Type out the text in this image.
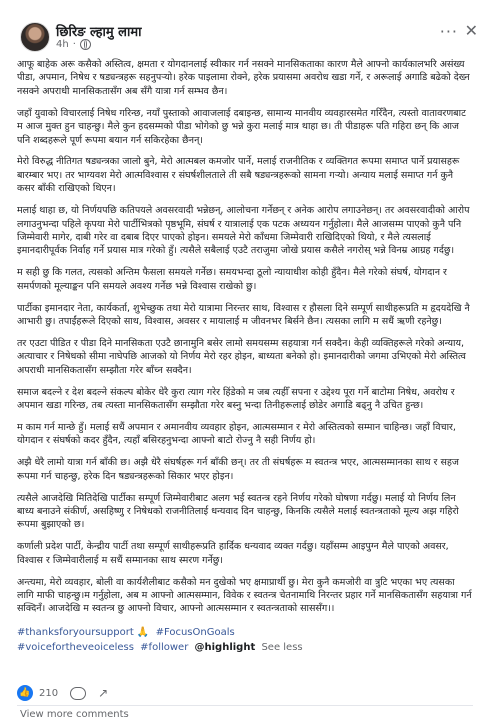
छिरिङ ल्हामु लामा
4h ·
··· ✕

आफू बाहेक अरू कसैको अस्तित्व, क्षमता र योगदानलाई स्वीकार गर्न नसक्ने मानसिकताका कारण मैले आफ्नो कार्यकालभरि असंख्य पीडा, अपमान, निषेध र षड्यन्त्रहरू सहनुपर्‍यो। हरेक पाइलामा रोक्ने, हरेक प्रयासमा अवरोध खडा गर्ने, र अरूलाई अगाडि बढेको देख्न नसक्ने अपराधी मानसिकतासँग अब सँगै यात्रा गर्न सम्भव छैन।

जहाँ युवाको विचारलाई निषेध गरिन्छ, नयाँ पुस्ताको आवाजलाई दबाइन्छ, सामान्य मानवीय व्यवहारसमेत गरिँदैन, त्यस्तो वातावरणबाट म आज मुक्त हुन चाहन्छु। मैले कुन हदसम्मको पीडा भोगेको छु भन्ने कुरा मलाई मात्र थाहा छ। ती पीडाहरू पति गहिरा छन् कि आज पनि शब्दहरूले पूर्ण रूपमा बयान गर्न सकिरहेका छैनन्।

मेरो विरुद्ध नीतिगत षड्यन्त्रका जालो बुने, मेरो आत्मबल कमजोर पार्ने, मलाई राजनीतिक र व्यक्तिगत रूपमा समाप्त पार्ने प्रयासहरू बारम्बार भए। तर भाग्यवश मेरो आत्मविश्वास र संघर्षशीलताले ती सबै षड्यन्त्रहरूको सामना गर्‍यो। अन्याय मलाई समाप्त गर्न कुनै कसर बाँकी राखिएको थिएन।

मलाई थाहा छ, यो निर्णयपछि कतिपयले अवसरवादी भन्नेछन्, आलोचना गर्नेछन् र अनेक आरोप लगाउनेछन्। तर अवसरवादीको आरोप लगाउनुभन्दा पहिले कृपया मेरो पार्टीभित्रको पृष्ठभूमि, संघर्ष र यात्रालाई एक पटक अध्ययन गर्नुहोला। मैले आजसम्म पाएको कुनै पनि जिम्मेवारी मागेर, दाबी गरेर वा दबाब दिएर पाएको होइन। समयले मेरो काँधमा जिम्मेवारी राखिदिएको थियो, र मैले त्यसलाई इमानदारीपूर्वक निर्वाह गर्ने प्रयास मात्र गरेको हुँ। त्यसैले सबैलाई एउटै तराजुमा जोखे प्रयास कसैले नगरोस् भन्ने विनम्र आग्रह गर्दछु।

म सही छु कि गलत, त्यसको अन्तिम फैसला समयले गर्नेछ। समयभन्दा ठूलो न्यायाधीश कोही हुँदैन। मैले गरेको संघर्ष, योगदान र समर्पणको मूल्याङ्कन पनि समयले अवश्य गर्नेछ भन्ने विश्वास राखेको छु।

पार्टीका इमानदार नेता, कार्यकर्ता, शुभेच्छुक तथा मेरो यात्रामा निरन्तर साथ, विश्वास र हौसला दिने सम्पूर्ण साथीहरूप्रति म हृदयदेखि नै आभारी छु। तपाईंहरूले दिएको साथ, विश्वास, अवसर र मायालाई म जीवनभर बिर्सने छैन। त्यसका लागि म सधैं ऋणी रहनेछु।

तर एउटा पीडित र पीडा दिने मानसिकता एउटै छानामुनि बसेर लामो समयसम्म सहयात्रा गर्न सक्दैन। केही व्यक्तिहरूले गरेको अन्याय, अत्याचार र निषेधको सीमा नाघेपछि आजको यो निर्णय मेरो रहर होइन, बाध्यता बनेको हो। इमानदारीको जगमा उभिएको मेरो अस्तित्व अपराधी मानसिकतासँग सम्झौता गरेर बाँच्न सक्दैन।

समाज बदल्ने र देश बदल्ने संकल्प बोकेर धेरै कुरा त्याग गरेर हिंडेको म जब त्यहीँ सपना र उद्देश्य पूरा गर्ने बाटोमा निषेध, अवरोध र अपमान खडा गरिन्छ, तब त्यस्ता मानसिकतासँग सम्झौता गरेर बस्नु भन्दा तिनीहरूलाई छोडेर अगाडि बढ्नु नै उचित हुन्छ।

म काम गर्न मान्छे हुँ। मलाई सधैं अपमान र अमानवीय व्यवहार होइन, आत्मसम्मान र मेरो अस्तित्वको सम्मान चाहिन्छ। जहाँ विचार, योगदान र संघर्षको कदर हुँदैन, त्यहाँ बसिरहनुभन्दा आफ्नो बाटो रोज्नु नै सही निर्णय हो।

अझै धेरै लामो यात्रा गर्न बाँकी छ। अझै धेरै संघर्षहरू गर्न बाँकी छन्। तर ती संघर्षहरू म स्वतन्त्र भएर, आत्मसम्मानका साथ र सहज रूपमा गर्न चाहन्छु, हरेक दिन षड्यन्त्रहरूको सिकार भएर होइन।

त्यसैले आजदेखि मितिदेखि पार्टीका सम्पूर्ण जिम्मेवारीबाट अलग भई स्वतन्त्र रहने निर्णय गरेको घोषणा गर्दछु। मलाई यो निर्णय लिन बाध्य बनाउने संकीर्ण, असहिष्णु र निषेधको राजनीतिलाई धन्यवाद दिन चाहन्छु, किनकि त्यसैले मलाई स्वतन्त्रताको मूल्य अझ गहिरो रूपमा बुझाएको छ।

कर्णाली प्रदेश पार्टी, केन्द्रीय पार्टी तथा सम्पूर्ण साथीहरूप्रति हार्दिक धन्यवाद व्यक्त गर्दछु। यहाँसम्म आइपुग्न मैले पाएको अवसर, विश्वास र जिम्मेवारीलाई म सधैं सम्मानका साथ स्मरण गर्नेछु।

अन्त्यमा, मेरो व्यवहार, बोली वा कार्यशैलीबाट कसैको मन दुखेको भए क्षमाप्रार्थी छु। मेरा कुनै कमजोरी वा त्रुटि भएका भए त्यसका लागि माफी चाहन्छु।म गर्नुहोला, अब म आफ्नो आत्मसम्मान, विवेक र स्वतन्त्र चेतनामाथि निरन्तर प्रहार गर्ने मानसिकतासँग सहयात्रा गर्न सक्दिनँ। आजदेखि म स्वतन्त्र छु आफ्नो विचार, आफ्नो आत्मसम्मान र स्वतन्त्रताको साससँग।।

#thanksforyoursupport 🙏 #FocusOnGoals
#voicefortheveoiceless #follower @highlight See less
👍 210	↗
View more comments
